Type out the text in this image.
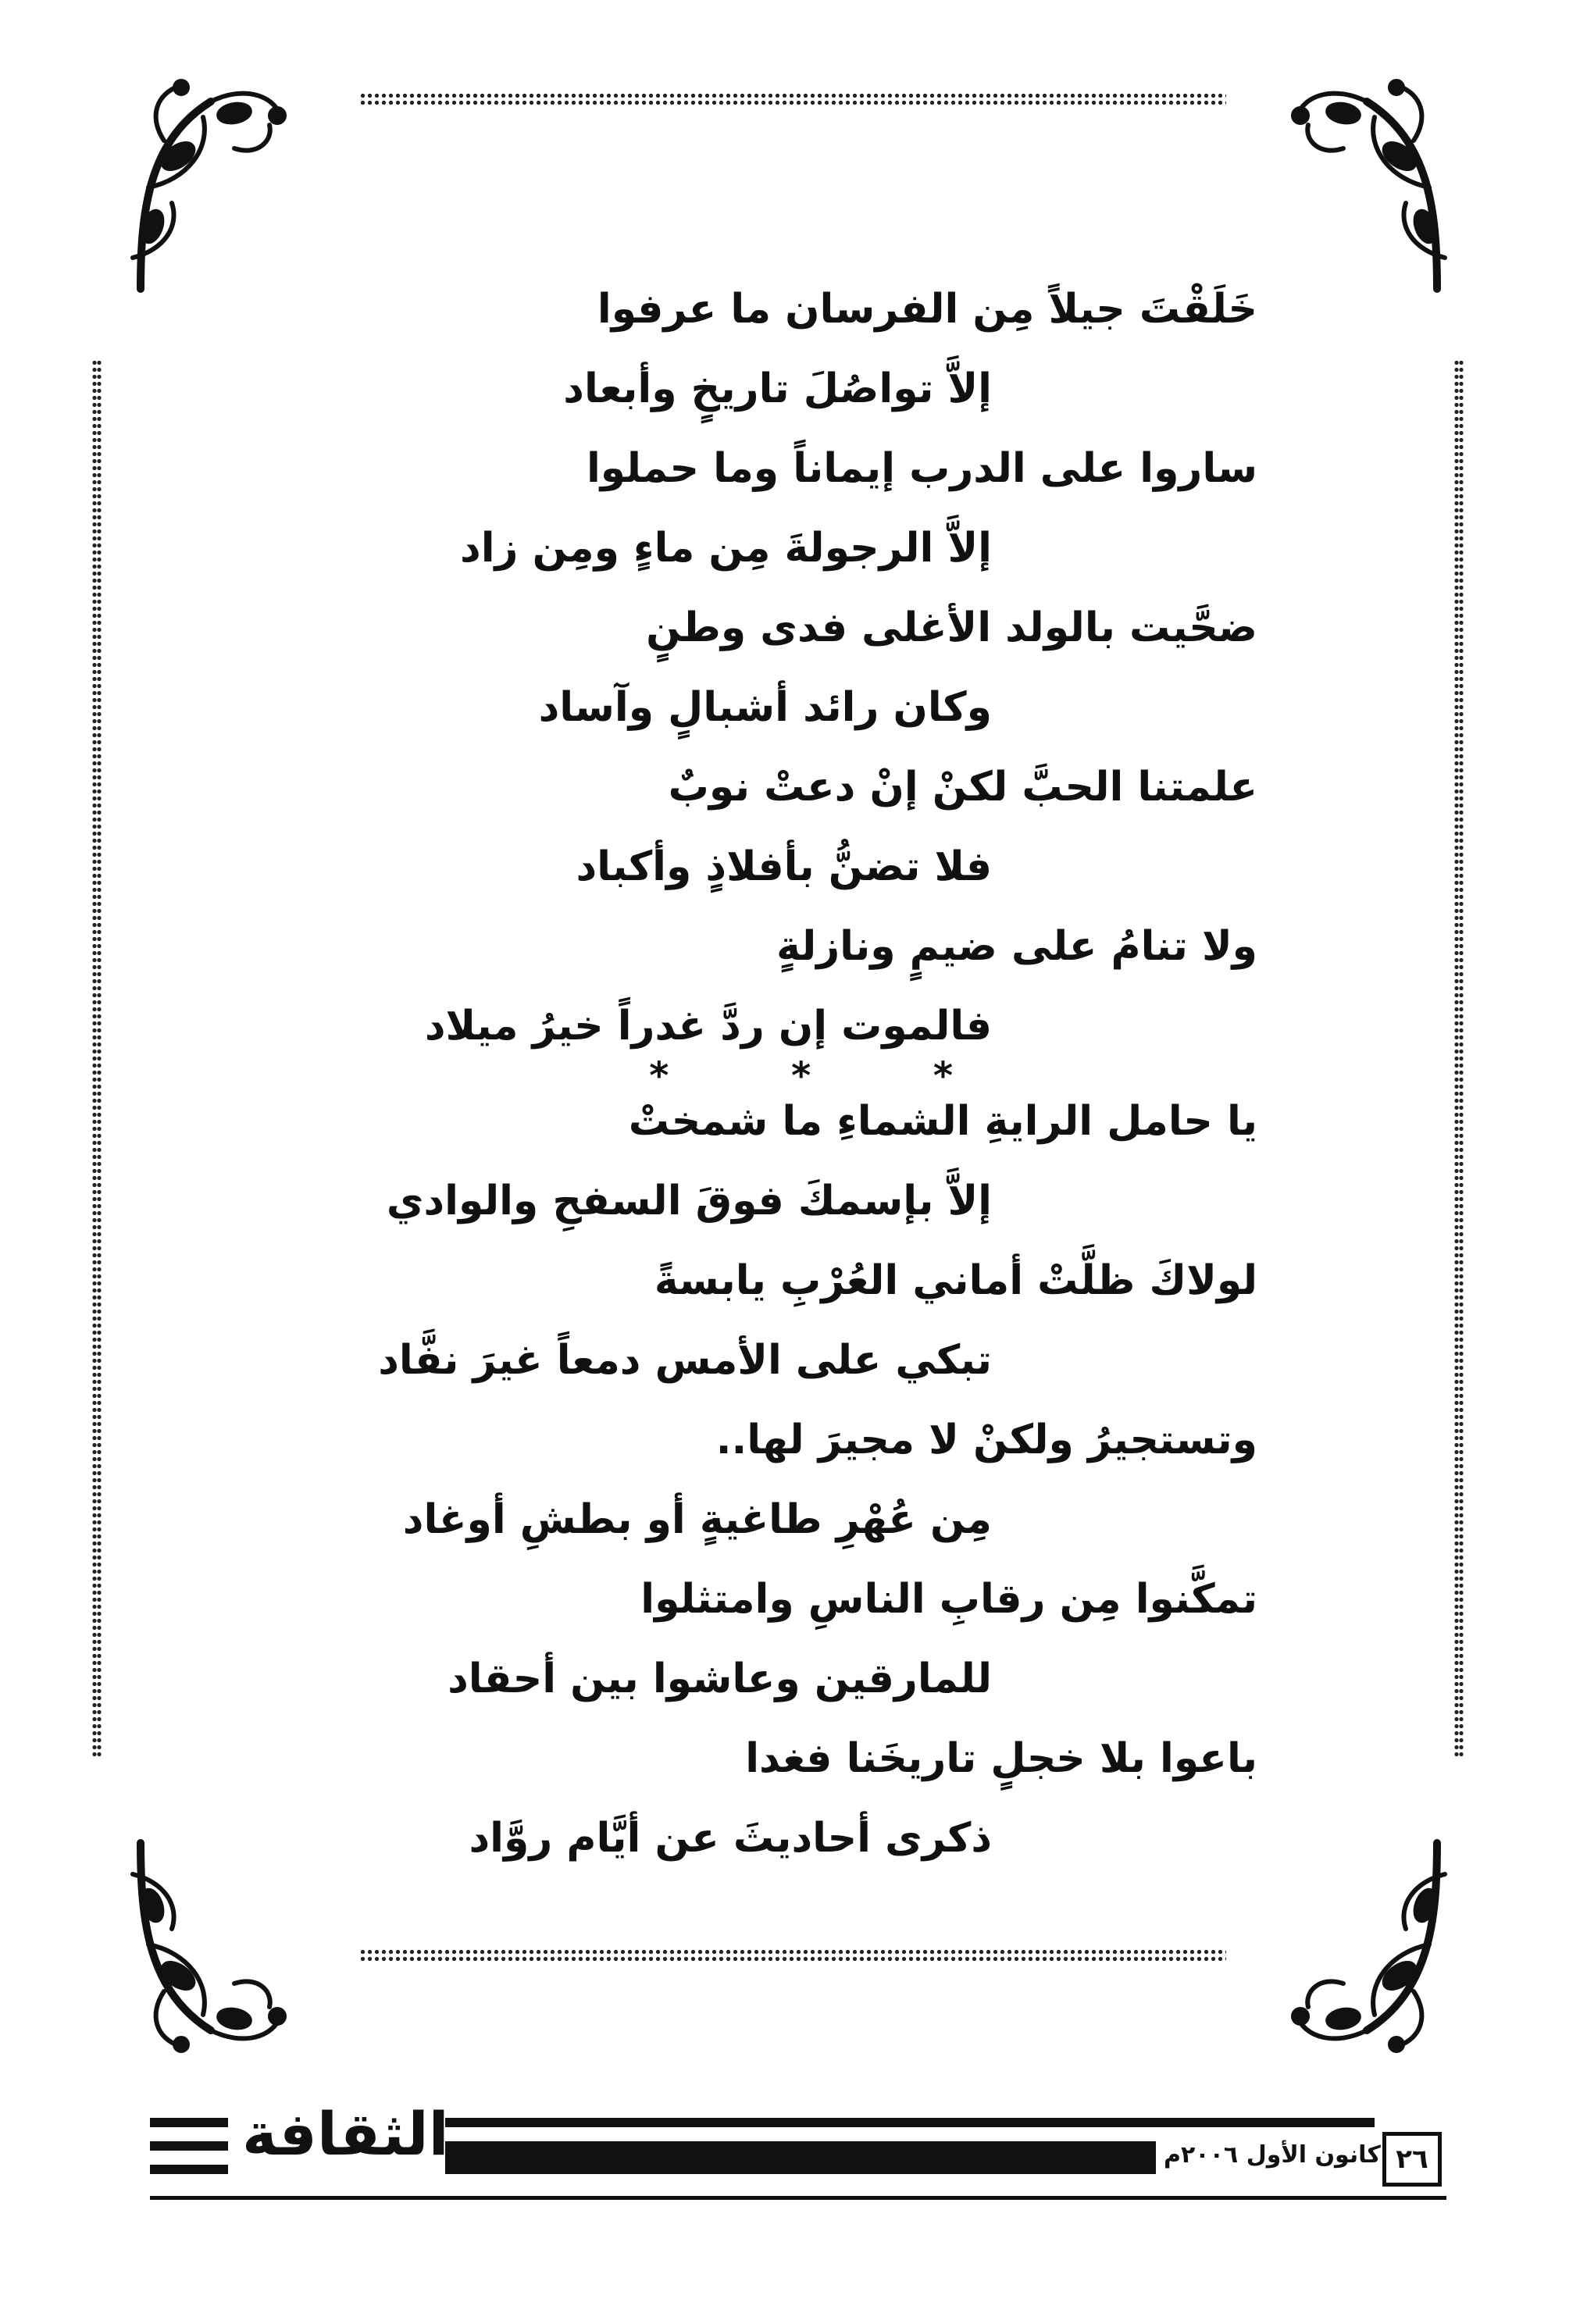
خَلَقْتَ جيلاً مِن الفرسان ما عرفوا
إلاَّ تواصُلَ تاريخٍ وأبعاد
ساروا على الدرب إيماناً وما حملوا
إلاَّ الرجولةَ مِن ماءٍ ومِن زاد
ضحَّيت بالولد الأغلى فدى وطنٍ
وكان رائد أشبالٍ وآساد
علمتنا الحبَّ لكنْ إنْ دعتْ نوبٌ
فلا تضنُّ بأفلاذٍ وأكباد
ولا تنامُ على ضيمٍ ونازلةٍ
فالموت إن ردَّ غدراً خيرُ ميلاد
* * *
يا حامل الرايةِ الشماءِ ما شمختْ
إلاَّ بإسمكَ فوقَ السفحِ والوادي
لولاكَ ظلَّتْ أماني العُرْبِ يابسةً
تبكي على الأمس دمعاً غيرَ نفَّاد
وتستجيرُ ولكنْ لا مجيرَ لها..
مِن عُهْرِ طاغيةٍ أو بطشِ أوغاد
تمكَّنوا مِن رقابِ الناسِ وامتثلوا
للمارقين وعاشوا بين أحقاد
باعوا بلا خجلٍ تاريخَنا فغدا
ذكرى أحاديثَ عن أيَّام روَّاد
الثقافة	كانون الأول ٢٠٠٦م ٢٦
